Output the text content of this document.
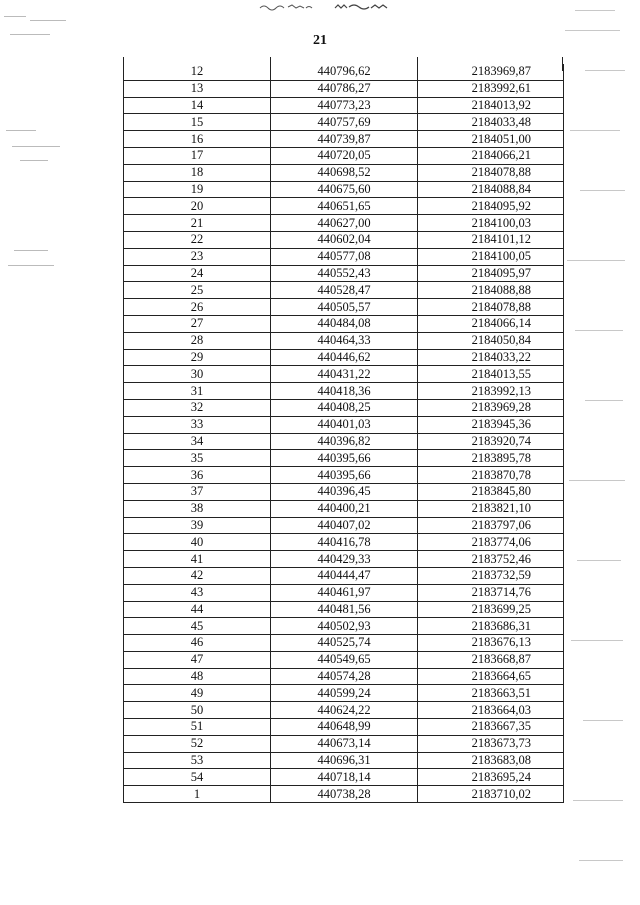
21
12	440796,62	2183969,87
13	440786,27	2183992,61
14	440773,23	2184013,92
15	440757,69	2184033,48
16	440739,87	2184051,00
17	440720,05	2184066,21
18	440698,52	2184078,88
19	440675,60	2184088,84
20	440651,65	2184095,92
21	440627,00	2184100,03
22	440602,04	2184101,12
23	440577,08	2184100,05
24	440552,43	2184095,97
25	440528,47	2184088,88
26	440505,57	2184078,88
27	440484,08	2184066,14
28	440464,33	2184050,84
29	440446,62	2184033,22
30	440431,22	2184013,55
31	440418,36	2183992,13
32	440408,25	2183969,28
33	440401,03	2183945,36
34	440396,82	2183920,74
35	440395,66	2183895,78
36	440395,66	2183870,78
37	440396,45	2183845,80
38	440400,21	2183821,10
39	440407,02	2183797,06
40	440416,78	2183774,06
41	440429,33	2183752,46
42	440444,47	2183732,59
43	440461,97	2183714,76
44	440481,56	2183699,25
45	440502,93	2183686,31
46	440525,74	2183676,13
47	440549,65	2183668,87
48	440574,28	2183664,65
49	440599,24	2183663,51
50	440624,22	2183664,03
51	440648,99	2183667,35
52	440673,14	2183673,73
53	440696,31	2183683,08
54	440718,14	2183695,24
1	440738,28	2183710,02
